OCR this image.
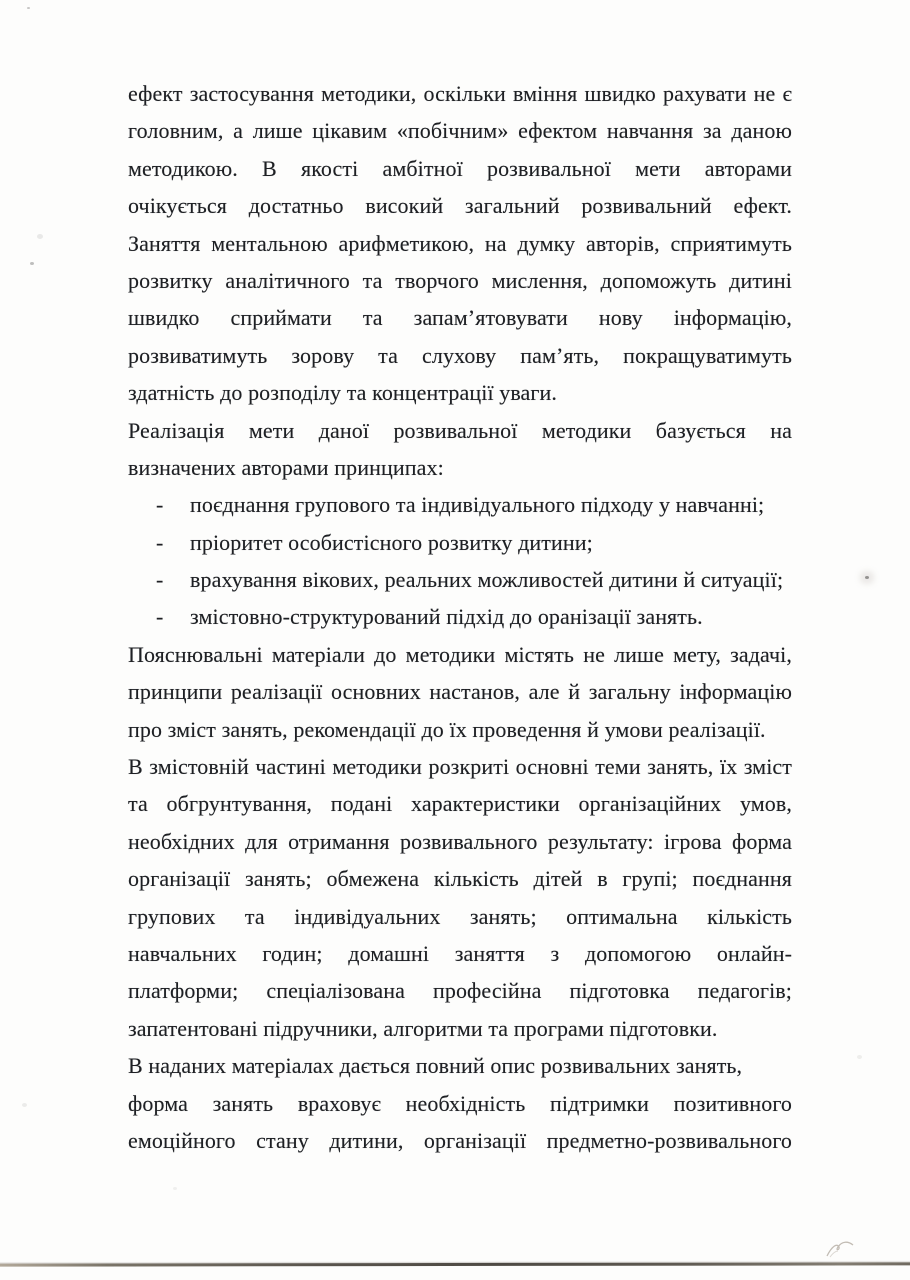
ефект застосування методики, оскільки вміння швидко рахувати не є
головним, а лише цікавим «побічним» ефектом навчання за даною
методикою. В якості амбітної розвивальної мети авторами
очікується достатньо високий загальний розвивальний ефект.
Заняття ментальною арифметикою, на думку авторів, сприятимуть
розвитку аналітичного та творчого мислення, допоможуть дитині
швидко сприймати та запам’ятовувати нову інформацію,
розвиватимуть зорову та слухову пам’ять, покращуватимуть
здатність до розподілу та концентрації уваги.
Реалізація мети даної розвивальної методики базується на
визначених авторами принципах:
- поєднання групового та індивідуального підходу у навчанні;
- пріоритет особистісного розвитку дитини;
- врахування вікових, реальних можливостей дитини й ситуації;
- змістовно-структурований підхід до оранізації занять.
Пояснювальні матеріали до методики містять не лише мету, задачі,
принципи реалізації основних настанов, але й загальну інформацію
про зміст занять, рекомендації до їх проведення й умови реалізації.
В змістовній частині методики розкриті основні теми занять, їх зміст
та обгрунтування, подані характеристики організаційних умов,
необхідних для отримання розвивального результату: ігрова форма
організації занять; обмежена кількість дітей в групі; поєднання
групових та індивідуальних занять; оптимальна кількість
навчальних годин; домашні заняття з допомогою онлайн-
платформи; спеціалізована професійна підготовка педагогів;
запатентовані підручники, алгоритми та програми підготовки.
В наданих матеріалах дається повний опис розвивальних занять,
форма занять враховує необхідність підтримки позитивного
емоційного стану дитини, організації предметно-розвивального
